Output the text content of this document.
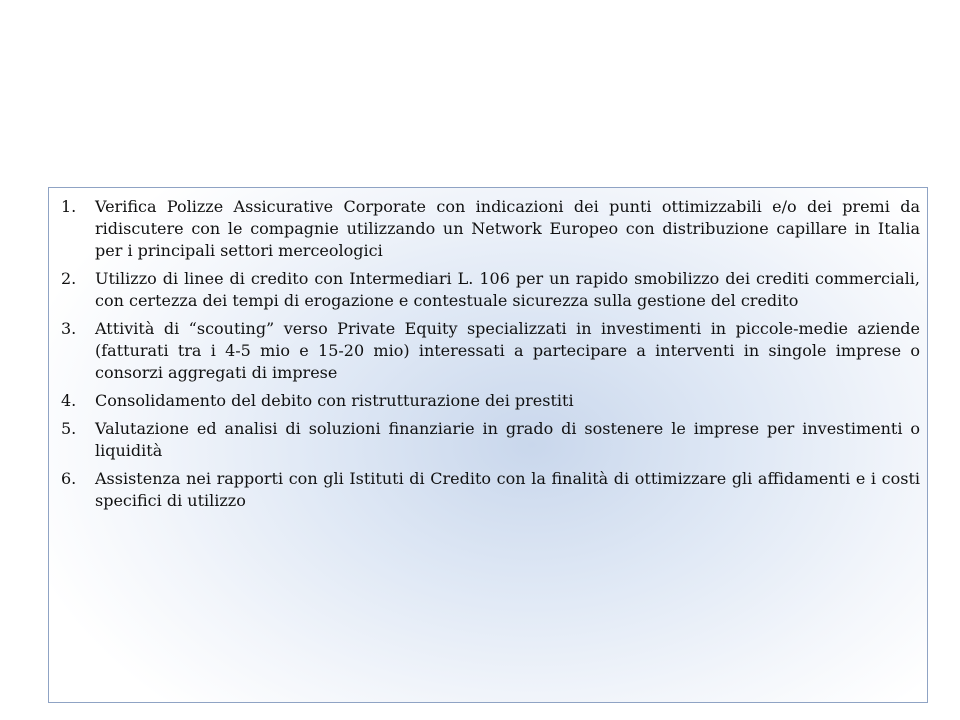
1. Verifica Polizze Assicurative Corporate con indicazioni dei punti ottimizzabili e/o dei premi da ridiscutere con le compagnie utilizzando un Network Europeo con distribuzione capillare in Italia per i principali settori merceologici
2. Utilizzo di linee di credito con Intermediari L. 106 per un rapido smobilizzo dei crediti commerciali, con certezza dei tempi di erogazione e contestuale sicurezza sulla gestione del credito
3. Attività di “scouting” verso Private Equity specializzati in investimenti in piccole-medie aziende (fatturati tra i 4-5 mio e 15-20 mio) interessati a partecipare a interventi in singole imprese o consorzi aggregati di imprese
4. Consolidamento del debito con ristrutturazione dei prestiti
5. Valutazione ed analisi di soluzioni finanziarie in grado di sostenere le imprese per investimenti o liquidità
6. Assistenza nei rapporti con gli Istituti di Credito con la finalità di ottimizzare gli affidamenti e i costi specifici di utilizzo
